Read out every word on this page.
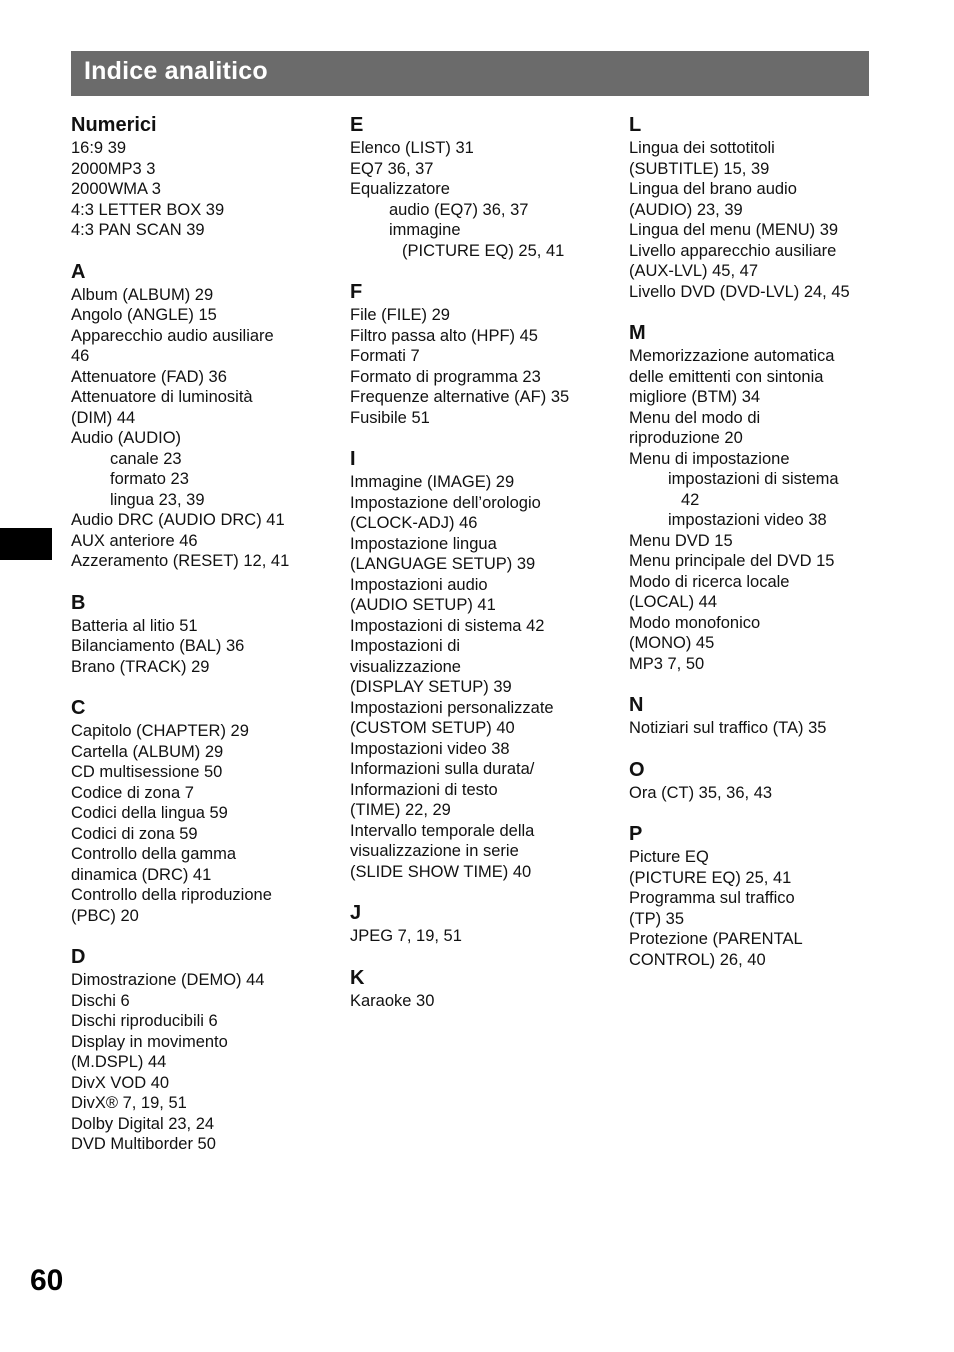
Indice analitico
Numerici
16:9 39
2000MP3 3
2000WMA 3
4:3 LETTER BOX 39
4:3 PAN SCAN 39
A
Album (ALBUM) 29
Angolo (ANGLE) 15
Apparecchio audio ausiliare
46
Attenuatore (FAD) 36
Attenuatore di luminosità
(DIM) 44
Audio (AUDIO)
canale 23
formato 23
lingua 23, 39
Audio DRC (AUDIO DRC) 41
AUX anteriore 46
Azzeramento (RESET) 12, 41
B
Batteria al litio 51
Bilanciamento (BAL) 36
Brano (TRACK) 29
C
Capitolo (CHAPTER) 29
Cartella (ALBUM) 29
CD multisessione 50
Codice di zona 7
Codici della lingua 59
Codici di zona 59
Controllo della gamma
dinamica (DRC) 41
Controllo della riproduzione
(PBC) 20
D
Dimostrazione (DEMO) 44
Dischi 6
Dischi riproducibili 6
Display in movimento
(M.DSPL) 44
DivX VOD 40
DivX® 7, 19, 51
Dolby Digital 23, 24
DVD Multiborder 50
E
Elenco (LIST) 31
EQ7 36, 37
Equalizzatore
audio (EQ7) 36, 37
immagine
(PICTURE EQ) 25, 41
F
File (FILE) 29
Filtro passa alto (HPF) 45
Formati 7
Formato di programma 23
Frequenze alternative (AF) 35
Fusibile 51
I
Immagine (IMAGE) 29
Impostazione dell’orologio
(CLOCK-ADJ) 46
Impostazione lingua
(LANGUAGE SETUP) 39
Impostazioni audio
(AUDIO SETUP) 41
Impostazioni di sistema 42
Impostazioni di
visualizzazione
(DISPLAY SETUP) 39
Impostazioni personalizzate
(CUSTOM SETUP) 40
Impostazioni video 38
Informazioni sulla durata/
Informazioni di testo
(TIME) 22, 29
Intervallo temporale della
visualizzazione in serie
(SLIDE SHOW TIME) 40
J
JPEG 7, 19, 51
K
Karaoke 30
L
Lingua dei sottotitoli
(SUBTITLE) 15, 39
Lingua del brano audio
(AUDIO) 23, 39
Lingua del menu (MENU) 39
Livello apparecchio ausiliare
(AUX-LVL) 45, 47
Livello DVD (DVD-LVL) 24, 45
M
Memorizzazione automatica
delle emittenti con sintonia
migliore (BTM) 34
Menu del modo di
riproduzione 20
Menu di impostazione
impostazioni di sistema
42
impostazioni video 38
Menu DVD 15
Menu principale del DVD 15
Modo di ricerca locale
(LOCAL) 44
Modo monofonico
(MONO) 45
MP3 7, 50
N
Notiziari sul traffico (TA) 35
O
Ora (CT) 35, 36, 43
P
Picture EQ
(PICTURE EQ) 25, 41
Programma sul traffico
(TP) 35
Protezione (PARENTAL
CONTROL) 26, 40
60
